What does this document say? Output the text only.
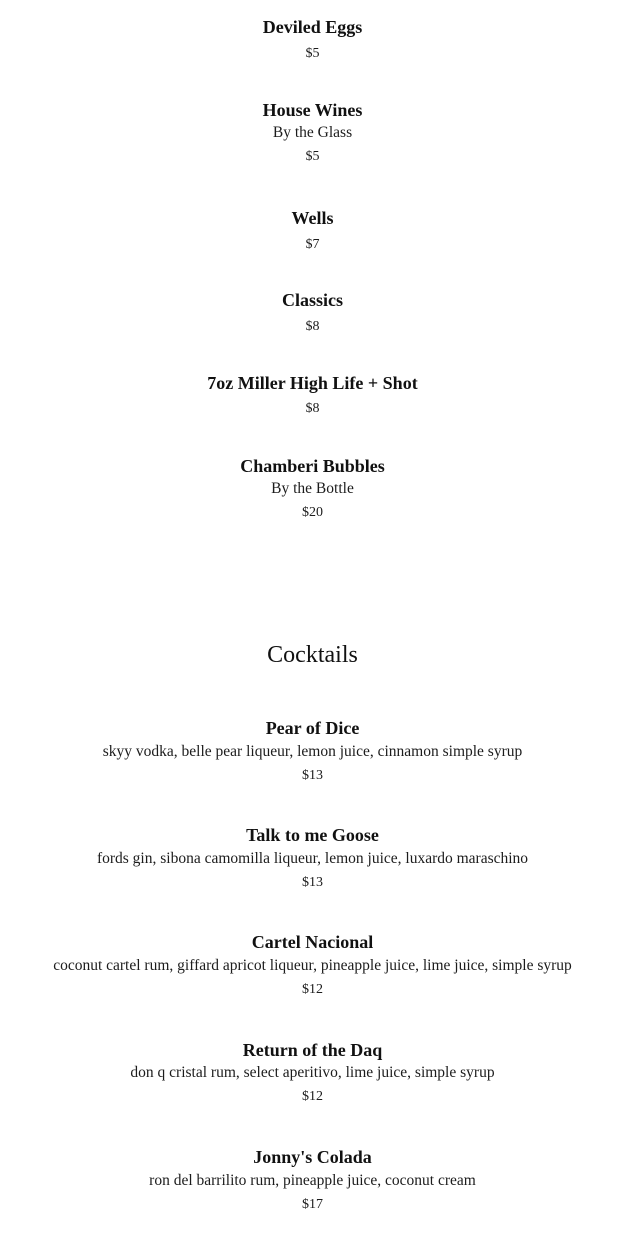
Deviled Eggs
$5
House Wines
By the Glass
$5
Wells
$7
Classics
$8
7oz Miller High Life + Shot
$8
Chamberi Bubbles
By the Bottle
$20
Cocktails
Pear of Dice
skyy vodka, belle pear liqueur, lemon juice, cinnamon simple syrup
$13
Talk to me Goose
fords gin, sibona camomilla liqueur, lemon juice, luxardo maraschino
$13
Cartel Nacional
coconut cartel rum, giffard apricot liqueur, pineapple juice, lime juice, simple syrup
$12
Return of the Daq
don q cristal rum, select aperitivo, lime juice, simple syrup
$12
Jonny's Colada
ron del barrilito rum, pineapple juice, coconut cream
$17
